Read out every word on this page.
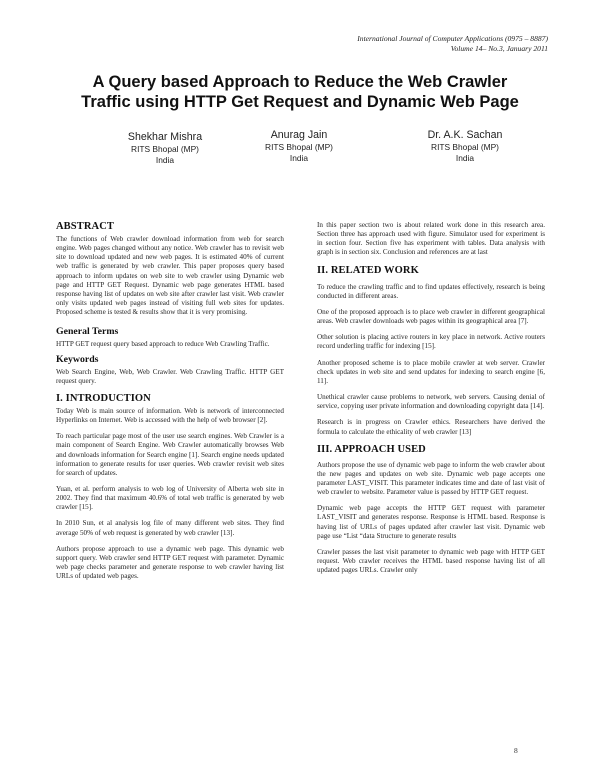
International Journal of Computer Applications (0975 – 8887)
Volume 14– No.3, January 2011
A Query based Approach to Reduce the Web Crawler
Traffic using HTTP Get Request and Dynamic Web Page
Shekhar Mishra
RITS Bhopal (MP)
India
Anurag Jain
RITS Bhopal (MP)
India
Dr. A.K. Sachan
RITS Bhopal (MP)
India
ABSTRACT

The functions of Web crawler download information from web for search engine. Web pages changed without any notice. Web crawler has to revisit web site to download updated and new web pages. It is estimated 40% of current web traffic is generated by web crawler. This paper proposes query based approach to inform updates on web site to web crawler using Dynamic web page and HTTP GET Request. Dynamic web page generates HTML based response having list of updates on web site after crawler last visit. Web crawler only visits updated web pages instead of visiting full web sites for updates. Proposed scheme is tested & results show that it is very promising.

General Terms

HTTP GET request query based approach to reduce Web Crawling Traffic.

Keywords

Web Search Engine, Web, Web Crawler. Web Crawling Traffic. HTTP GET request query.

I. INTRODUCTION

Today Web is main source of information. Web is network of interconnected Hyperlinks on Internet. Web is accessed with the help of web browser [2].

To reach particular page most of the user use search engines. Web Crawler is a main component of Search Engine. Web Crawler automatically browses Web and downloads information for Search engine [1]. Search engine needs updated information to generate results for user queries. Web crawler revisit web sites for search of updates.

Yuan, et al. perform analysis to web log of University of Alberta web site in 2002. They find that maximum 40.6% of total web traffic is generated by web crawler [15].

In 2010 Sun, et al analysis log file of many different web sites. They find average 50% of web request is generated by web crawler [13].

Authors propose approach to use a dynamic web page. This dynamic web support query. Web crawler send HTTP GET request with parameter. Dynamic web page checks parameter and generate response to web crawler having list URLs of updated web pages.

In this paper section two is about related work done in this research area. Section three has approach used with figure. Simulator used for experiment is in section four. Section five has experiment with tables. Data analysis with graph is in section six. Conclusion and references are at last

II. RELATED WORK

To reduce the crawling traffic and to find updates effectively, research is being conducted in different areas.

One of the proposed approach is to place web crawler in different geographical areas. Web crawler downloads web pages within its geographical area [7].

Other solution is placing active routers in key place in network. Active routers record underling traffic for indexing [15].

Another proposed scheme is to place mobile crawler at web server. Crawler check updates in web site and send updates for indexing to search engine [6, 11].

Unethical crawler cause problems to network, web servers. Causing denial of service, copying user private information and downloading copyright data [14].

Research is in progress on Crawler ethics. Researchers have derived the formula to calculate the ethicality of web crawler [13]

III. APPROACH USED

Authors propose the use of dynamic web page to inform the web crawler about the new pages and updates on web site. Dynamic web page accepts one parameter LAST_VISIT. This parameter indicates time and date of last visit of web crawler to website. Parameter value is passed by HTTP GET request.

Dynamic web page accepts the HTTP GET request with parameter LAST_VISIT and generates response. Response is HTML based. Response is having list of URLs of pages updated after crawler last visit. Dynamic web page use “List “data Structure to generate results

Crawler passes the last visit parameter to dynamic web page with HTTP GET request. Web crawler receives the HTML based response having list of all updated pages URLs. Crawler only

8
